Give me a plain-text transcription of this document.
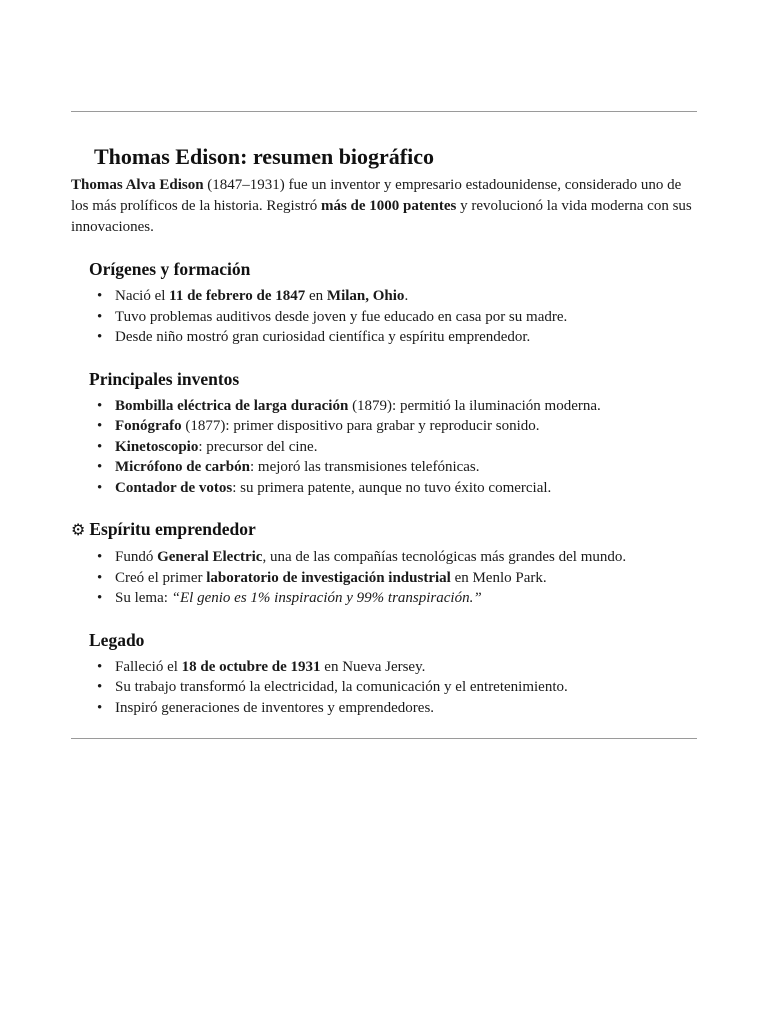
Thomas Edison: resumen biográfico

Thomas Alva Edison (1847–1931) fue un inventor y empresario estadounidense, considerado uno de los más prolíficos de la historia. Registró más de 1000 patentes y revolucionó la vida moderna con sus innovaciones.

Orígenes y formación
• Nació el 11 de febrero de 1847 en Milan, Ohio.
• Tuvo problemas auditivos desde joven y fue educado en casa por su madre.
• Desde niño mostró gran curiosidad científica y espíritu emprendedor.
Principales inventos
• Bombilla eléctrica de larga duración (1879): permitió la iluminación moderna.
• Fonógrafo (1877): primer dispositivo para grabar y reproducir sonido.
• Kinetoscopio: precursor del cine.
• Micrófono de carbón: mejoró las transmisiones telefónicas.
• Contador de votos: su primera patente, aunque no tuvo éxito comercial.
⚙ Espíritu emprendedor
• Fundó General Electric, una de las compañías tecnológicas más grandes del mundo.
• Creó el primer laboratorio de investigación industrial en Menlo Park.
• Su lema: “El genio es 1% inspiración y 99% transpiración.”
Legado
• Falleció el 18 de octubre de 1931 en Nueva Jersey.
• Su trabajo transformó la electricidad, la comunicación y el entretenimiento.
• Inspiró generaciones de inventores y emprendedores.
